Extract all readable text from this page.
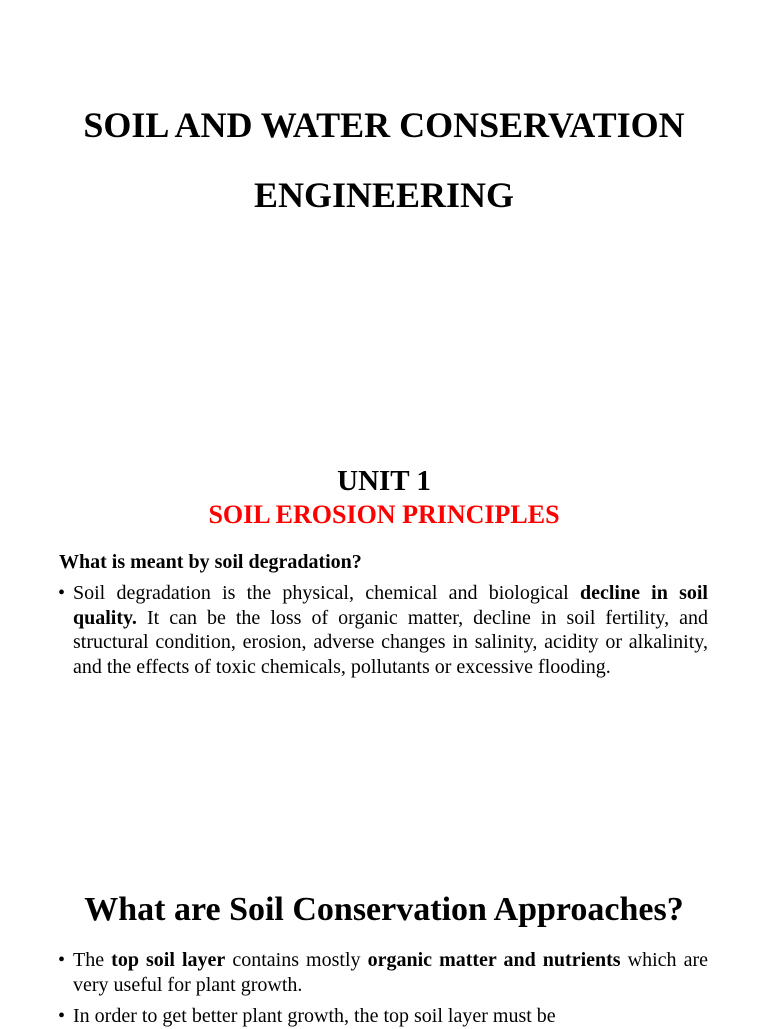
SOIL AND WATER CONSERVATION
ENGINEERING
UNIT 1
SOIL EROSION PRINCIPLES

What is meant by soil degradation?

• Soil degradation is the physical, chemical and biological decline in soil quality. It can be the loss of organic matter, decline in soil fertility, and structural condition, erosion, adverse changes in salinity, acidity or alkalinity, and the effects of toxic chemicals, pollutants or excessive flooding.
What are Soil Conservation Approaches?
• The top soil layer contains mostly organic matter and nutrients which are very useful for plant growth.
• In order to get better plant growth, the top soil layer must be
